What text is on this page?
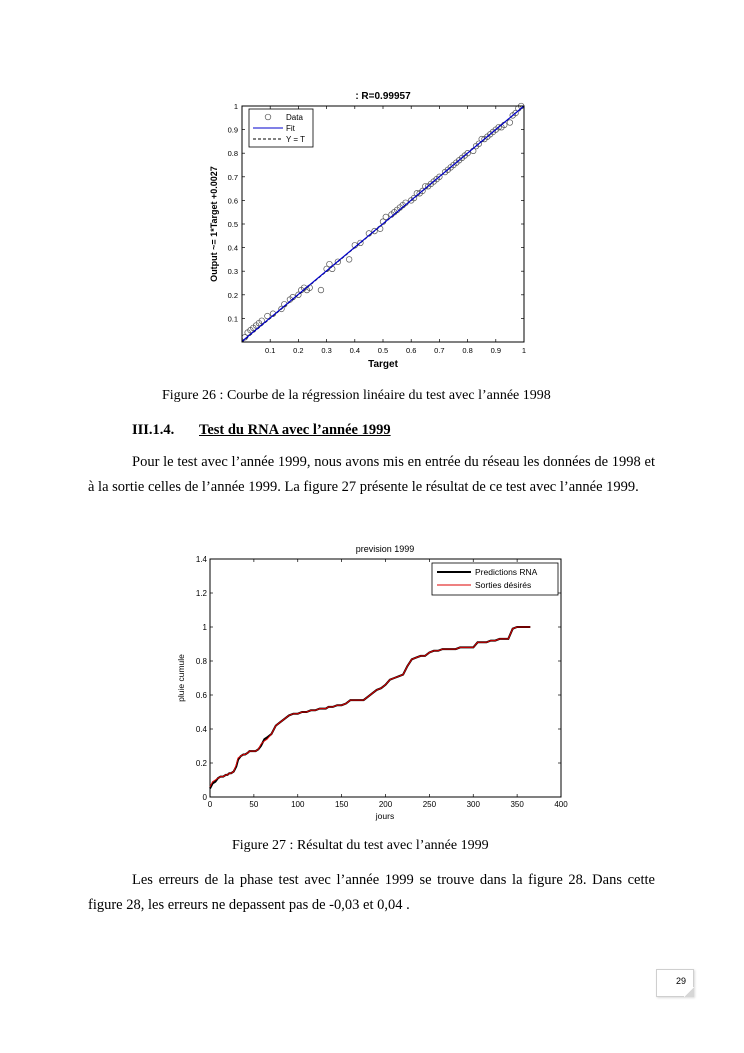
: R=0.99957
0.1 0.2 0.3 0.4 0.5 0.6 0.7 0.8 0.9	1
0.1
0.2
0.3
0.4
0.5
0.6
0.7
0.8
0.9
1
Target
Output ~= 1*Target +0.0027
Data
Fit
Y = T
Figure 26 : Courbe de la régression linéaire du test avec l’année 1998
III.1.4. Test du RNA avec l’année 1999
Pour le test avec l’année 1999, nous avons mis en entrée du réseau les données de 1998 et à la sortie celles de l’année 1999. La figure 27 présente le résultat de ce test avec l’année 1999.
prevision 1999
0	50	100	150	200	250	300	350	400
0
0.2
0.4
0.6
0.8
1
1.2
1.4
jours
pluie cumule
Predictions RNA
Sorties désirés
Figure 27 : Résultat du test avec l’année 1999
Les erreurs de la phase test avec l’année 1999 se trouve dans la figure 28. Dans cette figure 28, les erreurs ne depassent pas de -0,03 et 0,04 .
29
